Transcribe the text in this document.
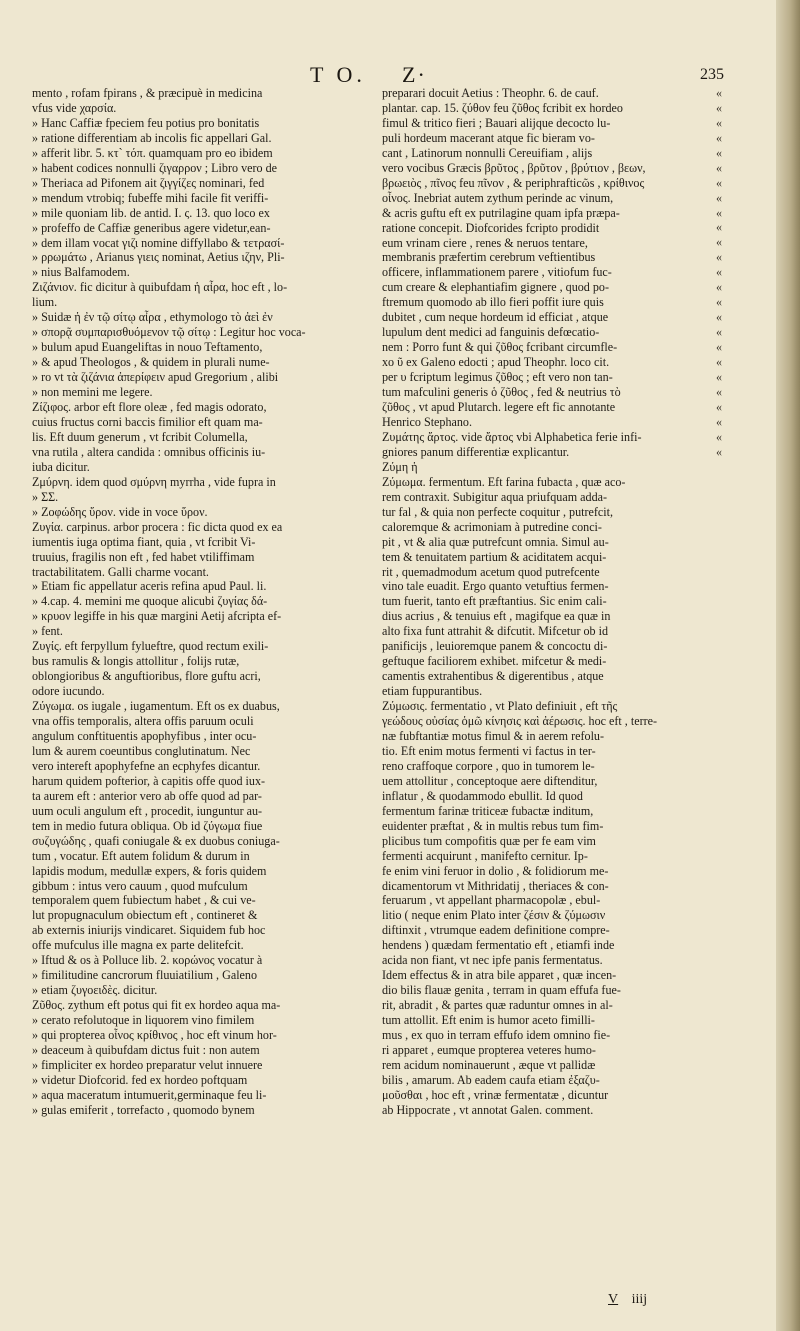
T O. Z·	235

mento , rofam fpirans , & præcipuè in medicina

vfus vide χαρσία.

» Hanc Caffiæ fpeciem feu potius pro bonitatis

» ratione differentiam ab incolis fic appellari Gal.

» afferit libr. 5. κτ` τόπ. quamquam pro eo ibidem

» habent codices nonnulli ζιγαρρον ; Libro vero de

» Theriaca ad Pifonem ait ζιγγίζες nominari, fed

» mendum vtrobiq; fubeffe mihi facile fit veriffi-

» mile quoniam lib. de antid. I. ς. 13. quo loco ex

» profeffo de Caffiæ generibus agere videtur,ean-

» dem illam vocat γιζι nomine diffyllabo & τετρασί-

» ρρωμάτω , Arianus γιεις nominat, Aetius ιζην, Pli-

» nius Balfamodem.

Ζιζάνιον. fic dicitur à quibufdam ἡ αἶρα, hoc eft , lo-

lium.

» Suidæ ἡ ἐν τῷ σίτῳ αἶρα , ethymologo τὸ ἀεὶ ἐν

» σπορᾷ συμπαρισθυόμενον τῷ σίτῳ : Legitur hoc voca-

» bulum apud Euangeliftas in nouo Teftamento,

» & apud Theologos , & quidem in plurali nume-

» ro vt τὰ ζιζάνια ἀπερίφειν apud Gregorium , alibi

» non memini me legere.

Ζίζιφος. arbor eft flore oleæ , fed magis odorato,

cuius fructus corni baccis fimilior eft quam ma-

lis. Eft duum generum , vt fcribit Columella,

vna rutila , altera candida : omnibus officinis iu-

iuba dicitur.

Ζμύρνη. idem quod σμύρνη myrrha , vide fupra in

» ΣΣ.

» Ζοφώδης ὕρον. vide in voce ὕρον.

Ζυγία. carpinus. arbor procera : fic dicta quod ex ea

iumentis iuga optima fiant, quia , vt fcribit Vi-

truuius, fragilis non eft , fed habet vtiliffimam

tractabilitatem. Galli charme vocant.

» Etiam fic appellatur aceris refina apud Paul. li.

» 4.cap. 4. memini me quoque alicubi ζυγίας δά-

» κρυον legiffe in his quæ margini Aetij afcripta ef-

» fent.

Ζυγίς. eft ferpyllum fylueftre, quod rectum exili-

bus ramulis & longis attollitur , folijs rutæ,

oblongioribus & anguftioribus, flore guftu acri,

odore iucundo.

Ζύγωμα. os iugale , iugamentum. Eft os ex duabus,

vna offis temporalis, altera offis paruum oculi

angulum conftituentis apophyfibus , inter ocu-

lum & aurem coeuntibus conglutinatum. Nec

vero intereft apophyfefne an ecphyfes dicantur.

harum quidem pofterior, à capitis offe quod iux-

ta aurem eft : anterior vero ab offe quod ad par-

uum oculi angulum eft , procedit, iunguntur au-

tem in medio futura obliqua. Ob id ζύγωμα fiue

συζυγώδης , quafi coniugale & ex duobus coniuga-

tum , vocatur. Eft autem folidum & durum in

lapidis modum, medullæ expers, & foris quidem

gibbum : intus vero cauum , quod mufculum

temporalem quem fubiectum habet , & cui ve-

lut propugnaculum obiectum eft , contineret &

ab externis iniurijs vindicaret. Siquidem fub hoc

offe mufculus ille magna ex parte delitefcit.

» Iftud & os à Polluce lib. 2. κορώνος vocatur à

» fimilitudine cancrorum fluuiatilium , Galeno

» etiam ζυγοειδὲς. dicitur.

Ζῦθος. zythum eft potus qui fit ex hordeo aqua ma-

» cerato refolutoque in liquorem vino fimilem

» qui propterea οἶνος κρίθινος , hoc eft vinum hor-

» deaceum à quibufdam dictus fuit : non autem

» fimpliciter ex hordeo preparatur velut innuere

» videtur Diofcorid. fed ex hordeo poftquam

» aqua maceratum intumuerit,germinaque feu li-

» gulas emiferit , torrefacto , quomodo bynem

preparari docuit Aetius : Theophr. 6. de cauf.

plantar. cap. 15. ζύθον feu ζῦθος fcribit ex hordeo

fimul & tritico fieri ; Bauari alijque decocto lu-

puli hordeum macerant atque fic bieram vo-

cant , Latinorum nonnulli Cereuifiam , alijs

vero vocibus Græcis βρῦτος , βρῦτον , βρύτιον , βεων,

βρωειὸς , πῖνος feu πῖνον , & periphrafticῶs , κρίθινος

οἶνος. Inebriat autem zythum perinde ac vinum,

& acris guftu eft ex putrilagine quam ipfa præpa-

ratione concepit. Diofcorides fcripto prodidit

eum vrinam ciere , renes & neruos tentare,

membranis præfertim cerebrum veftientibus

officere, inflammationem parere , vitiofum fuc-

cum creare & elephantiafim gignere , quod po-

ftremum quomodo ab illo fieri poffit iure quis

dubitet , cum neque hordeum id efficiat , atque

lupulum dent medici ad fanguinis defœcatio-

nem : Porro funt & qui ζῦθος fcribant circumfle-

xo ῦ ex Galeno edocti ; apud Theophr. loco cit.

per υ fcriptum legimus ζῦθος ; eft vero non tan-

tum mafculini generis ὁ ζῦθος , fed & neutrius τὸ

ζῦθος , vt apud Plutarch. legere eft fic annotante

Henrico Stephano.

Ζυμάτης ἄρτος. vide ἄρτος vbi Alphabetica ferie infi-

gniores panum differentiæ explicantur.

Ζύμη ἡ

Ζύμωμα. fermentum. Eft farina fubacta , quæ aco-

rem contraxit. Subigitur aqua priufquam adda-

tur fal , & quia non perfecte coquitur , putrefcit,

caloremque & acrimoniam à putredine conci-

pit , vt & alia quæ putrefcunt omnia. Simul au-

tem & tenuitatem partium & aciditatem acqui-

rit , quemadmodum acetum quod putrefcente

vino tale euadit. Ergo quanto vetuftius fermen-

tum fuerit, tanto eft præftantius. Sic enim cali-

dius acrius , & tenuius eft , magifque ea quæ in

alto fixa funt attrahit & difcutit. Mifcetur ob id

panificijs , leuioremque panem & concoctu di-

geftuque faciliorem exhibet. mifcetur & medi-

camentis extrahentibus & digerentibus , atque

etiam fuppurantibus.

Ζύμωσις. fermentatio , vt Plato definiuit , eft τῆς

γεώδους οὐσίας ὁμῶ κίνησις καὶ ἀέρωσις. hoc eft , terre-

næ fubftantiæ motus fimul & in aerem refolu-

tio. Eft enim motus fermenti vi factus in ter-

reno craffoque corpore , quo in tumorem le-

uem attollitur , conceptoque aere diftenditur,

inflatur , & quodammodo ebullit. Id quod

fermentum farinæ triticeæ fubactæ inditum,

euidenter præftat , & in multis rebus tum fim-

plicibus tum compofitis quæ per fe eam vim

fermenti acquirunt , manifefto cernitur. Ip-

fe enim vini feruor in dolio , & folidiorum me-

dicamentorum vt Mithridatij , theriaces & con-

feruarum , vt appellant pharmacopolæ , ebul-

litio ( neque enim Plato inter ζέσιν & ζύμωσιν

diftinxit , vtrumque eadem definitione compre-

hendens ) quædam fermentatio eft , etiamfi inde

acida non fiant, vt nec ipfe panis fermentatus.

Idem effectus & in atra bile apparet , quæ incen-

dio bilis flauæ genita , terram in quam effufa fue-

rit, abradit , & partes quæ raduntur omnes in al-

tum attollit. Eft enim is humor aceto fimilli-

mus , ex quo in terram effufo idem omnino fie-

ri apparet , eumque propterea veteres humo-

rem acidum nominauerunt , æque vt pallidæ

bilis , amarum. Ab eadem caufa etiam ἐξαζυ-

μοῦσθαι , hoc eft , vrinæ fermentatæ , dicuntur

ab Hippocrate , vt annotat Galen. comment.

«
«
«
«
«
«
«
«
«
«
«
«
«
«
«
«
«
«
«
«
«
«
«
«
«
V iiij
